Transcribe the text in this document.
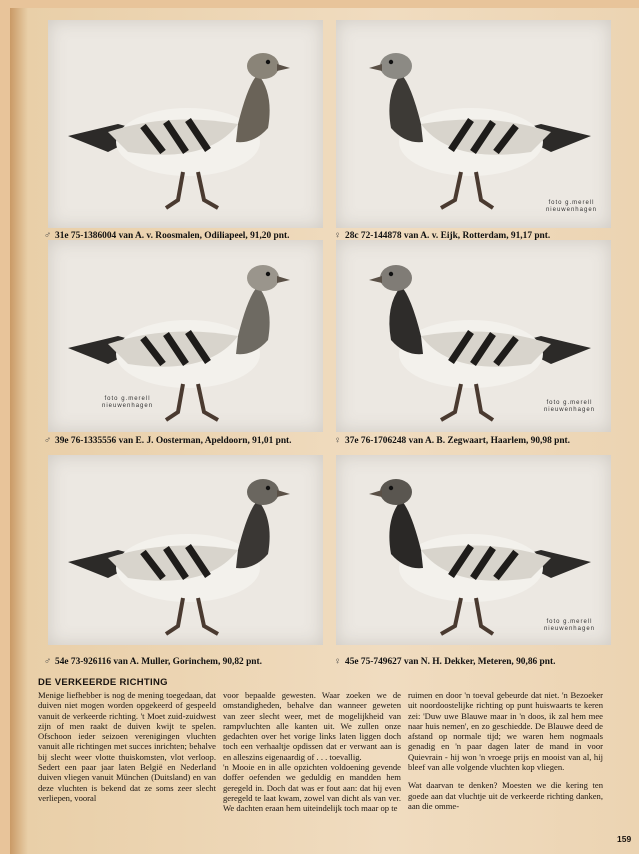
foto g.merell
nieuwenhagen
foto g.merell
nieuwenhagen	foto g.merell
nieuwenhagen
foto g.merell
nieuwenhagen
♂ 31e 75-1386004 van A. v. Roosmalen, Odiliapeel, 91,20 pnt.	♀ 28c 72-144878 van A. v. Eijk, Rotterdam, 91,17 pnt.
♂ 39e 76-1335556 van E. J. Oosterman, Apeldoorn, 91,01 pnt.	♀ 37e 76-1706248 van A. B. Zegwaart, Haarlem, 90,98 pnt.
♂ 54e 73-926116 van A. Muller, Gorinchem, 90,82 pnt.	♀ 45e 75-749627 van N. H. Dekker, Meteren, 90,86 pnt.
DE VERKEERDE RICHTING

Menige liefhebber is nog de mening toegedaan, dat duiven niet mogen worden opgekeerd of gespeeld vanuit de verkeerde richting. 't Moet zuid-zuidwest zijn of men raakt de duiven kwijt te spelen. Ofschoon ieder seizoen verenigingen vluchten vanuit alle richtingen met succes inrichten; behalve bij slecht weer vlotte thuiskomsten, vlot verloop. Sedert een paar jaar laten België en Nederland duiven vliegen vanuit München (Duitsland) en van deze vluchten is bekend dat ze soms zeer slecht verliepen, vooral

voor bepaalde gewesten. Waar zoeken we de omstandigheden, behalve dan wanneer geweten van zeer slecht weer, met de mogelijkheid van rampvluchten alle kanten uit. We zullen onze gedachten over het vorige links laten liggen doch toch een verhaaltje opdissen dat er verwant aan is en alleszins eigenaardig of . . . toevallig.
'n Mooie en in alle opzichten voldoening gevende doffer oefenden we geduldig en mandden hem geregeld in. Doch dat was er fout aan: dat hij even geregeld te laat kwam, zowel van dicht als van ver. We dachten eraan hem uiteindelijk toch maar op te

ruimen en door 'n toeval gebeurde dat niet. 'n Bezoeker uit noordoostelijke richting op punt huiswaarts te keren zei: 'Duw uwe Blauwe maar in 'n doos, ik zal hem mee naar huis nemen', en zo geschiedde. De Blauwe deed de afstand op normale tijd; we waren hem nogmaals genadig en 'n paar dagen later de mand in voor Quievrain - hij won 'n vroege prijs en mooist van al, hij bleef van alle volgende vluchten kop vliegen.

Wat daarvan te denken? Moesten we die kering ten goede aan dat vluchtje uit de verkeerde richting danken, aan die omme-

159
